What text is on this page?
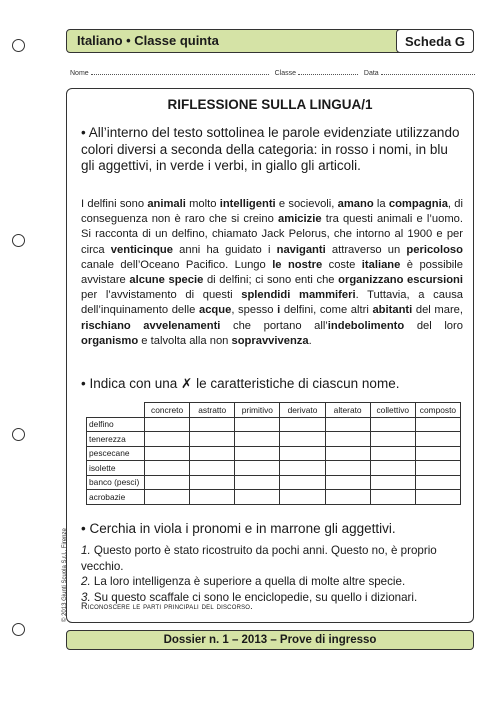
Italiano • Classe quinta	Scheda G
Nome	Classe	Data
RIFLESSIONE SULLA LINGUA/1
• All’interno del testo sottolinea le parole evidenziate utilizzando colori diversi a seconda della categoria: in rosso i nomi, in blu gli aggettivi, in verde i verbi, in giallo gli articoli.
I delfini sono animali molto intelligenti e socievoli, amano la compagnia, di conseguenza non è raro che si creino amicizie tra questi animali e l’uomo. Si racconta di un delfino, chiamato Jack Pelorus, che intorno al 1900 e per circa venticinque anni ha guidato i naviganti attraverso un pericoloso canale dell’Oceano Pacifico. Lungo le nostre coste italiane è possibile avvistare alcune specie di delfini; ci sono enti che organizzano escursioni per l’avvistamento di questi splendidi mammiferi. Tuttavia, a causa dell’inquinamento delle acque, spesso i delfini, come altri abitanti del mare, rischiano avvelenamenti che portano all’indebolimento del loro organismo e talvolta alla non sopravvivenza.
• Indica con una ✗ le caratteristiche di ciascun nome.
	concreto	astratto	primitivo	derivato	alterato	collettivo	composto
delfino							
tenerezza							
pescecane							
isolette							
banco (pesci)							
acrobazie							
• Cerchia in viola i pronomi e in marrone gli aggettivi.
1. Questo porto è stato ricostruito da pochi anni. Questo no, è proprio vecchio.
2. La loro intelligenza è superiore a quella di molte altre specie.
3. Su questo scaffale ci sono le enciclopedie, su quello i dizionari.
Riconoscere le parti principali del discorso.
Dossier n. 1 – 2013 – Prove di ingresso
© 2013 Giunti Scuola S.r.l., Firenze
